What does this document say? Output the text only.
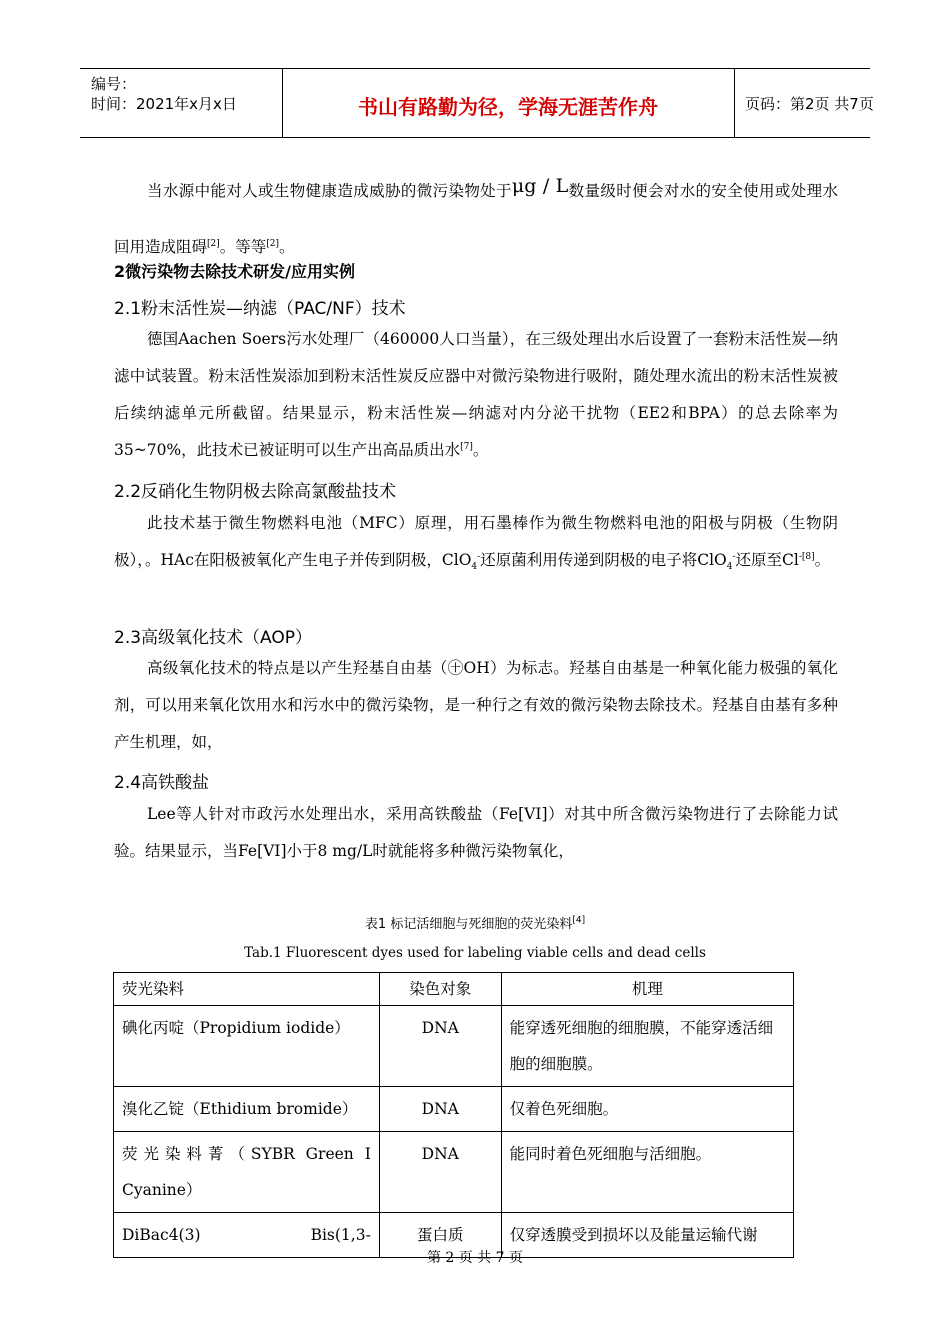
编号：
时间：2021年x月x日	书山有路勤为径，学海无涯苦作舟	页码：第2页 共7页
当水源中能对人或生物健康造成威胁的微污染物处于μg / L数量级时便会对水的安全使用或处理水回用造成阻碍[2]。等等[2]。
2微污染物去除技术研发/应用实例
2.1粉末活性炭—纳滤（PAC/NF）技术
德国Aachen Soers污水处理厂（460000人口当量），在三级处理出水后设置了一套粉末活性炭—纳滤中试装置。粉末活性炭添加到粉末活性炭反应器中对微污染物进行吸附，随处理水流出的粉末活性炭被后续纳滤单元所截留。结果显示，粉末活性炭—纳滤对内分泌干扰物（EE2和BPA）的总去除率为35~70%，此技术已被证明可以生产出高品质出水[7]。
2.2反硝化生物阴极去除高氯酸盐技术
此技术基于微生物燃料电池（MFC）原理，用石墨棒作为微生物燃料电池的阳极与阴极（生物阴极），。HAc在阳极被氧化产生电子并传到阴极，ClO$_4$-还原菌利用传递到阴极的电子将ClO$_4$-还原至$Cl^{-[8]}$。
2.3高级氧化技术（AOP）
高级氧化技术的特点是以产生羟基自由基（㊉OH）为标志。羟基自由基是一种氧化能力极强的氧化剂，可以用来氧化饮用水和污水中的微污染物，是一种行之有效的微污染物去除技术。羟基自由基有多种产生机理，如，
2.4高铁酸盐
Lee等人针对市政污水处理出水，采用高铁酸盐（Fe[VI]）对其中所含微污染物进行了去除能力试验。结果显示，当Fe[VI]小于8 mg/L时就能将多种微污染物氧化，
表1 标记活细胞与死细胞的荧光染料[4]
Tab.1 Fluorescent dyes used for labeling viable cells and dead cells
荧光染料	染色对象	机理
碘化丙啶（Propidium iodide）	DNA	能穿透死细胞的细胞膜，不能穿透活细胞的细胞膜。
溴化乙锭（Ethidium bromide）	DNA	仅着色死细胞。
荧光染料菁（SYBR Green I Cyanine）	DNA	能同时着色死细胞与活细胞。
DiBac4(3)          Bis(1,3-	蛋白质	仅穿透膜受到损坏以及能量运输代谢
第 2 页 共 7 页
